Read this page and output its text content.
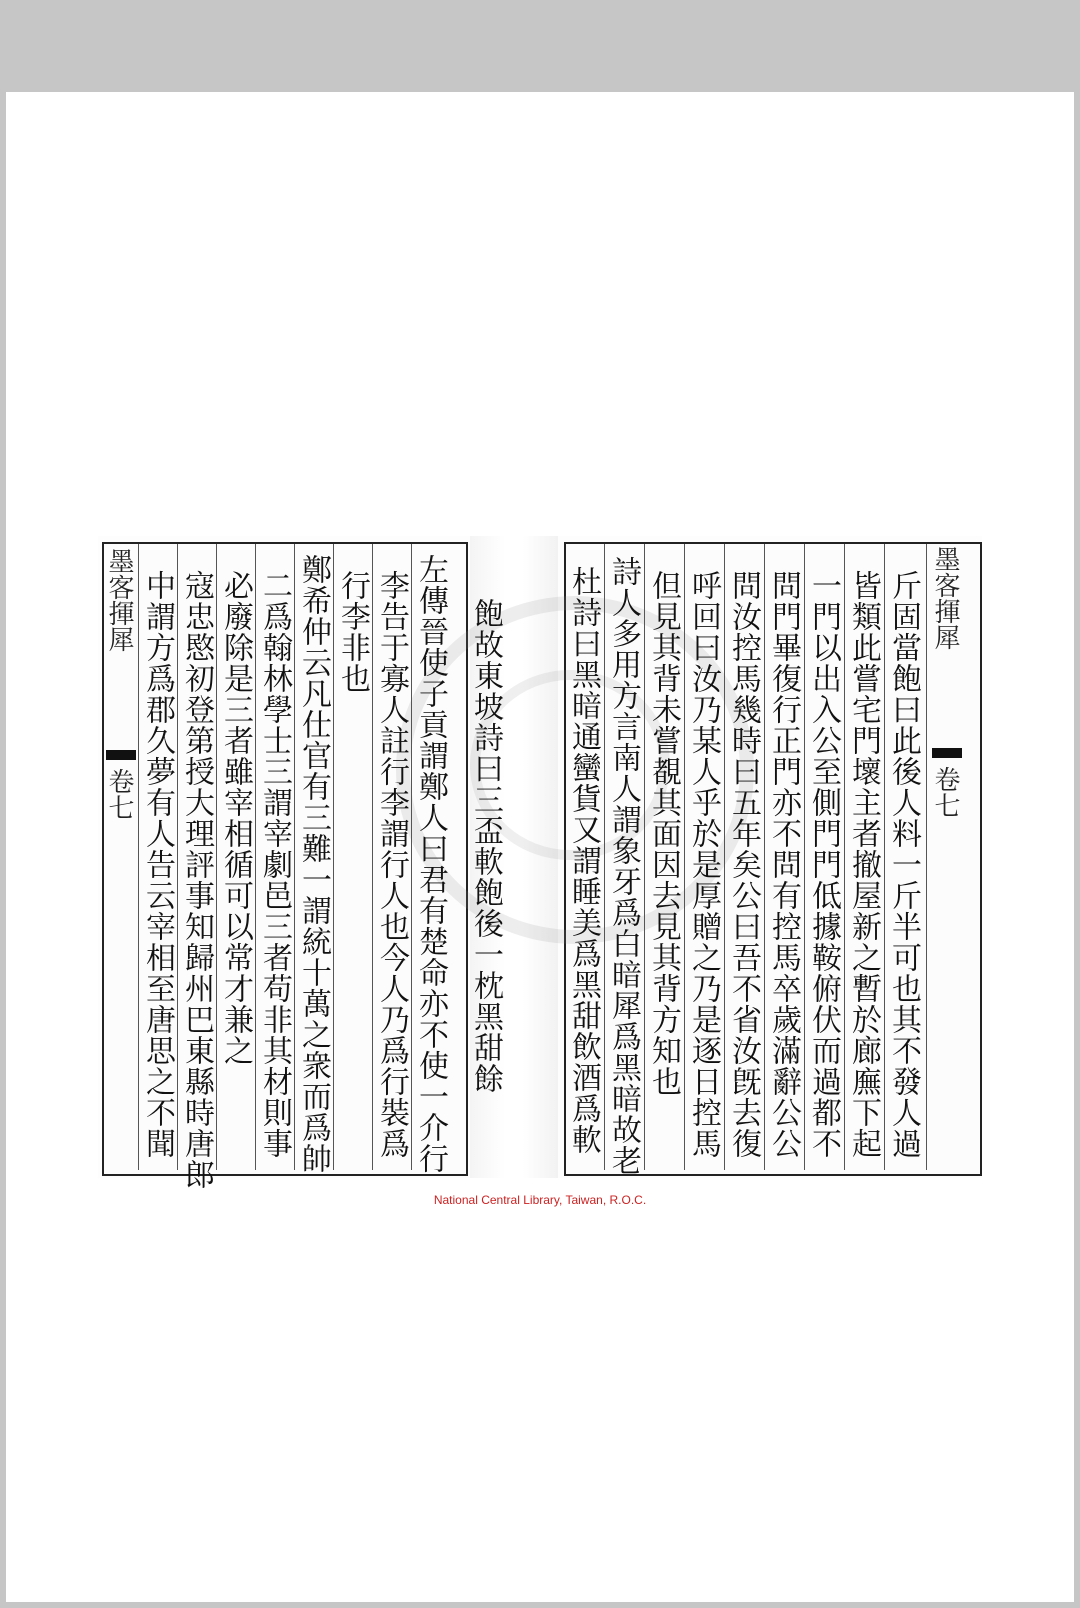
墨客揮犀
卷七 中謂方爲郡久夢有人告云宰相至唐思之不聞 寇忠愍初登第授大理評事知歸州巴東縣時唐郎 必廢除是三者雖宰相循可以常才兼之 二爲翰林學士三謂宰劇邑三者苟非其材則事 鄭希仲云凡仕官有三難一謂統十萬之衆而爲帥 行李非也 李告于寡人註行李謂行人也今人乃爲行裝爲 左傳晉使子貢謂鄭人曰君有楚命亦不使一介行 飽故東坡詩曰三盃軟飽後一枕黑甜餘 杜詩曰黑暗通蠻貨又謂睡美爲黑甜飲酒爲軟 詩人多用方言南人謂象牙爲白暗犀爲黑暗故老 但見其背未嘗覩其面因去見其背方知也 呼回曰汝乃某人乎於是厚贈之乃是逐日控馬 問汝控馬幾時曰五年矣公曰吾不省汝旣去復 問門畢復行正門亦不問有控馬卒歲滿辭公公 一門以出入公至側門門低據鞍俯伏而過都不 皆類此嘗宅門壞主者撤屋新之暫於廊廡下起 斤固當飽曰此後人料一斤半可也其不發人過 墨客揮犀
卷七
National Central Library, Taiwan, R.O.C.
